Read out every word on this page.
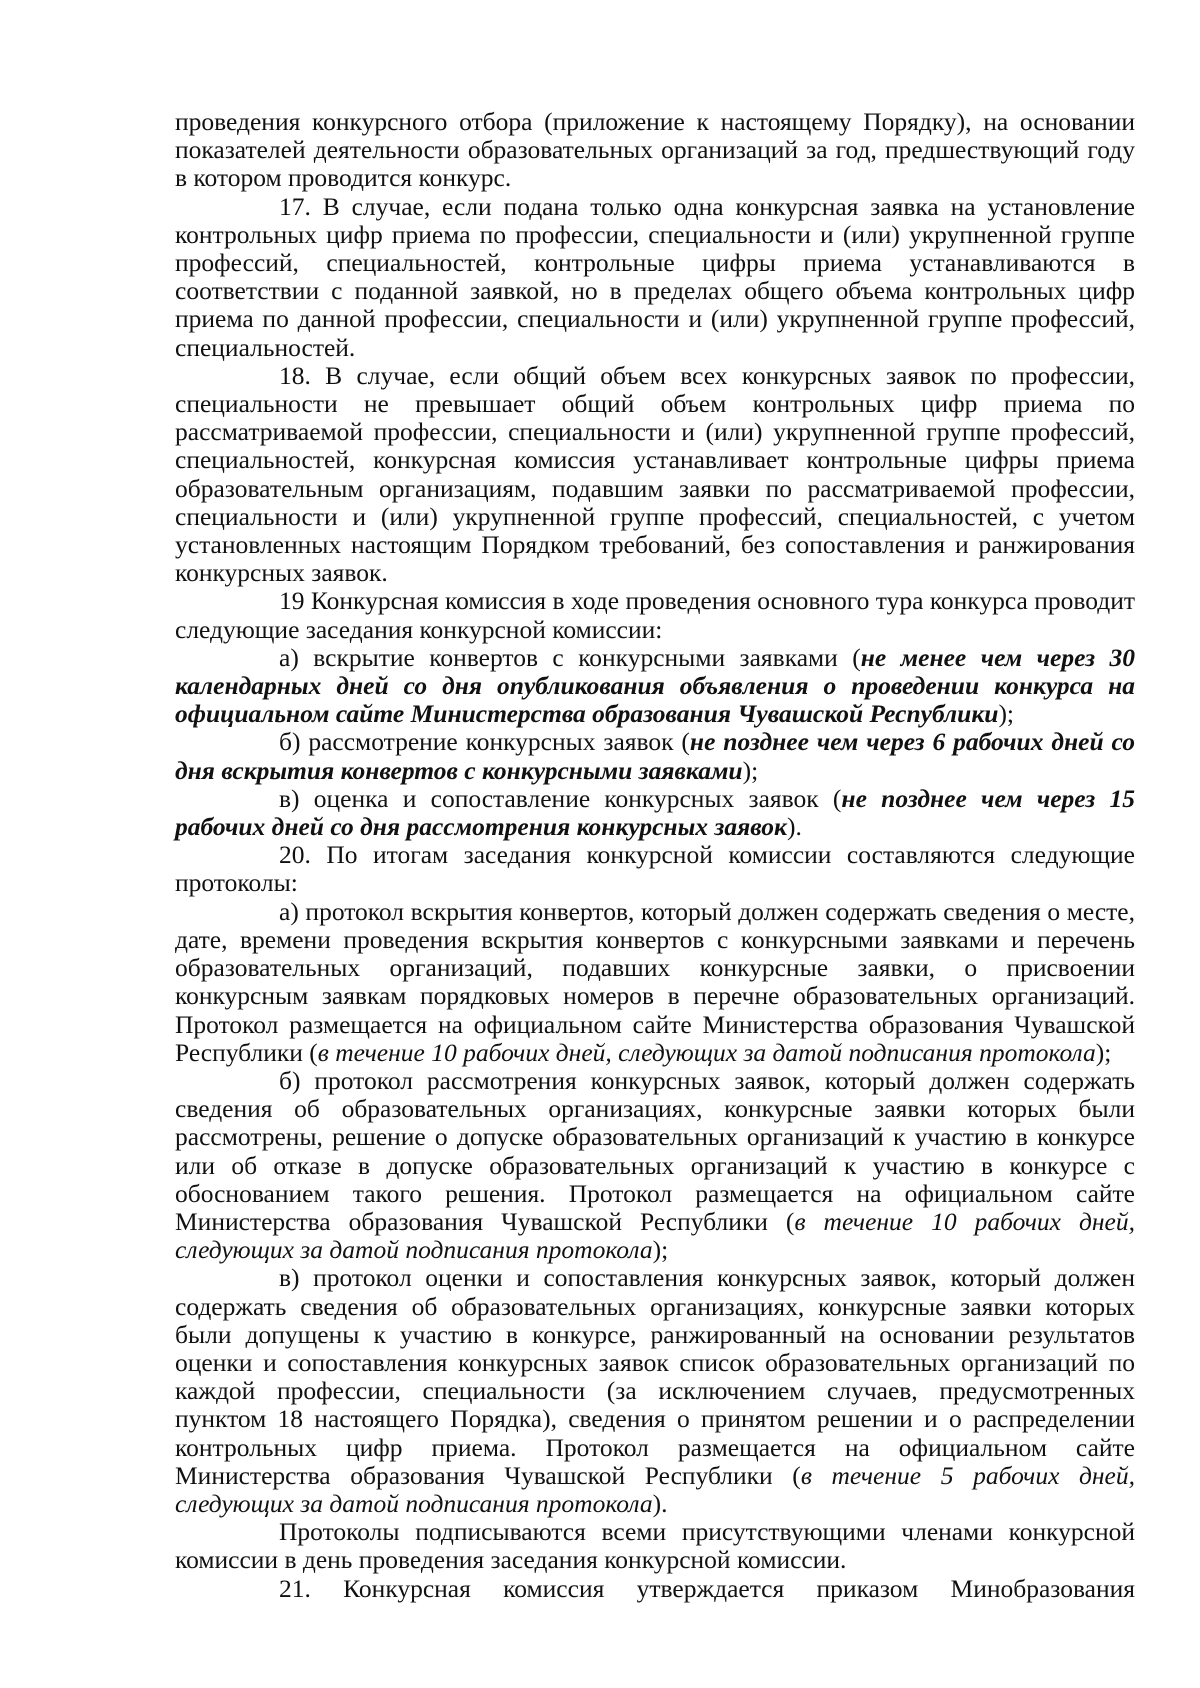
проведения конкурсного отбора (приложение к настоящему Порядку), на основании показателей деятельности образовательных организаций за год, предшествующий году в котором проводится конкурс.

17. В случае, если подана только одна конкурсная заявка на установление контрольных цифр приема по профессии, специальности и (или) укрупненной группе профессий, специальностей, контрольные цифры приема устанавливаются в соответствии с поданной заявкой, но в пределах общего объема контрольных цифр приема по данной профессии, специальности и (или) укрупненной группе профессий, специальностей.

18. В случае, если общий объем всех конкурсных заявок по профессии, специальности не превышает общий объем контрольных цифр приема по рассматриваемой профессии, специальности и (или) укрупненной группе профессий, специальностей, конкурсная комиссия устанавливает контрольные цифры приема образовательным организациям, подавшим заявки по рассматриваемой профессии, специальности и (или) укрупненной группе профессий, специальностей, с учетом установленных настоящим Порядком требований, без сопоставления и ранжирования конкурсных заявок.

19 Конкурсная комиссия в ходе проведения основного тура конкурса проводит следующие заседания конкурсной комиссии:

а) вскрытие конвертов с конкурсными заявками (не менее чем через 30 календарных дней со дня опубликования объявления о проведении конкурса на официальном сайте Министерства образования Чувашской Республики);

б) рассмотрение конкурсных заявок (не позднее чем через 6 рабочих дней со дня вскрытия конвертов с конкурсными заявками);

в) оценка и сопоставление конкурсных заявок (не позднее чем через 15 рабочих дней со дня рассмотрения конкурсных заявок).

20. По итогам заседания конкурсной комиссии составляются следующие протоколы:

а) протокол вскрытия конвертов, который должен содержать сведения о месте, дате, времени проведения вскрытия конвертов с конкурсными заявками и перечень образовательных организаций, подавших конкурсные заявки, о присвоении конкурсным заявкам порядковых номеров в перечне образовательных организаций. Протокол размещается на официальном сайте Министерства образования Чувашской Республики (в течение 10 рабочих дней, следующих за датой подписания протокола);

б) протокол рассмотрения конкурсных заявок, который должен содержать сведения об образовательных организациях, конкурсные заявки которых были рассмотрены, решение о допуске образовательных организаций к участию в конкурсе или об отказе в допуске образовательных организаций к участию в конкурсе с обоснованием такого решения. Протокол размещается на официальном сайте Министерства образования Чувашской Республики (в течение 10 рабочих дней, следующих за датой подписания протокола);

в) протокол оценки и сопоставления конкурсных заявок, который должен содержать сведения об образовательных организациях, конкурсные заявки которых были допущены к участию в конкурсе, ранжированный на основании результатов оценки и сопоставления конкурсных заявок список образовательных организаций по каждой профессии, специальности (за исключением случаев, предусмотренных пунктом 18 настоящего Порядка), сведения о принятом решении и о распределении контрольных цифр приема. Протокол размещается на официальном сайте Министерства образования Чувашской Республики (в течение 5 рабочих дней, следующих за датой подписания протокола).

Протоколы подписываются всеми присутствующими членами конкурсной комиссии в день проведения заседания конкурсной комиссии.

21. Конкурсная комиссия утверждается приказом Минобразования
